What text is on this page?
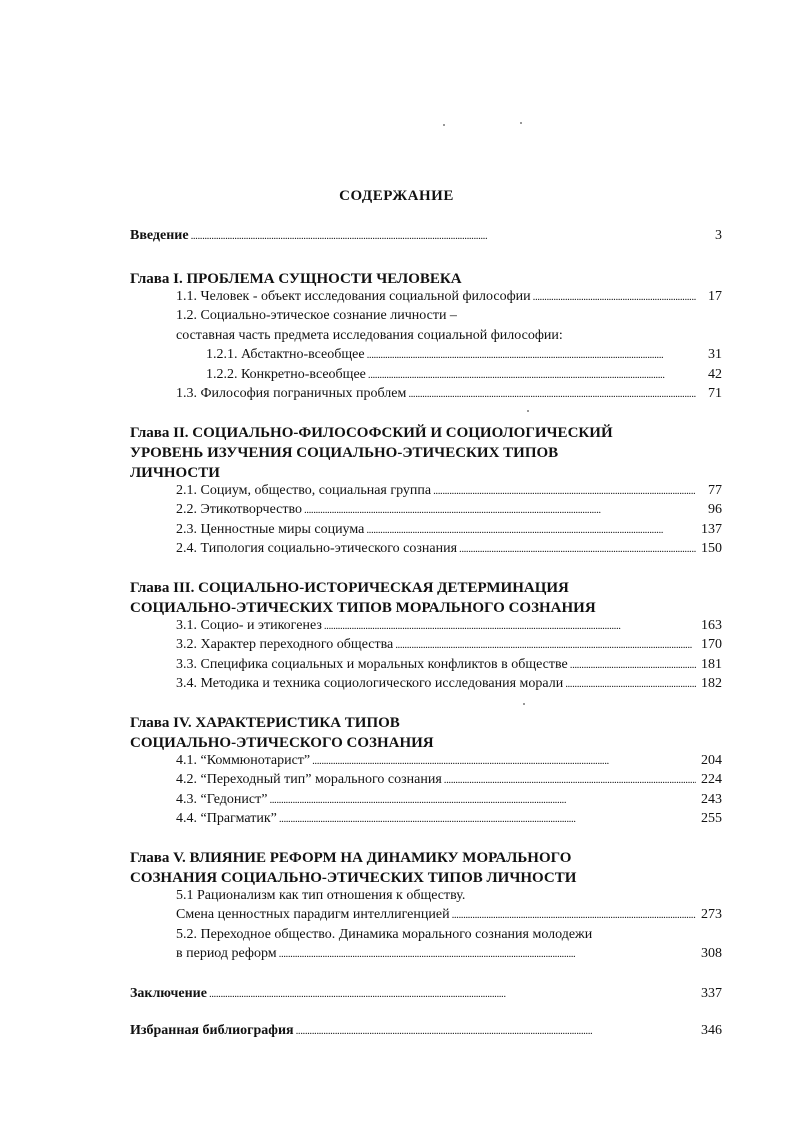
СОДЕРЖАНИЕ
Введение . . .	3
Глава I. ПРОБЛЕМА СУЩНОСТИ ЧЕЛОВЕКА
1.1. Человек - объект исследования социальной философии . . .	17
1.2. Социально-этическое сознание личности –
составная часть предмета исследования социальной философии:
1.2.1. Абстактно-всеобщее . . .	31
1.2.2. Конкретно-всеобщее . . .	42
1.3. Философия пограничных проблем . . .	71
Глава II. СОЦИАЛЬНО-ФИЛОСОФСКИЙ И СОЦИОЛОГИЧЕСКИЙ
УРОВЕНЬ ИЗУЧЕНИЯ СОЦИАЛЬНО-ЭТИЧЕСКИХ ТИПОВ
ЛИЧНОСТИ
2.1. Социум, общество, социальная группа . . .	77
2.2. Этикотворчество . . .	96
2.3. Ценностные миры социума . . .	137
2.4. Типология социально-этического сознания . . .	150
Глава III. СОЦИАЛЬНО-ИСТОРИЧЕСКАЯ ДЕТЕРМИНАЦИЯ
СОЦИАЛЬНО-ЭТИЧЕСКИХ ТИПОВ МОРАЛЬНОГО СОЗНАНИЯ
3.1. Социо- и этикогенез . . .	163
3.2. Характер переходного общества . . .	170
3.3. Специфика социальных и моральных конфликтов в обществе . . .	181
3.4. Методика и техника социологического исследования морали . . .	182
Глава IV. ХАРАКТЕРИСТИКА ТИПОВ
СОЦИАЛЬНО-ЭТИЧЕСКОГО СОЗНАНИЯ
4.1. “Коммюнотарист” . . .	204
4.2. “Переходный тип” морального сознания . . .	224
4.3. “Гедонист” . . .	243
4.4. “Прагматик” . . .	255
Глава V. ВЛИЯНИЕ РЕФОРМ НА ДИНАМИКУ МОРАЛЬНОГО
СОЗНАНИЯ СОЦИАЛЬНО-ЭТИЧЕСКИХ ТИПОВ ЛИЧНОСТИ
5.1 Рационализм как тип отношения к обществу.
Смена ценностных парадигм интеллигенцией . . .	273
5.2. Переходное общество. Динамика морального сознания молодежи
в период реформ . . .	308
Заключение . . .	337
Избранная библиография . . .	346
